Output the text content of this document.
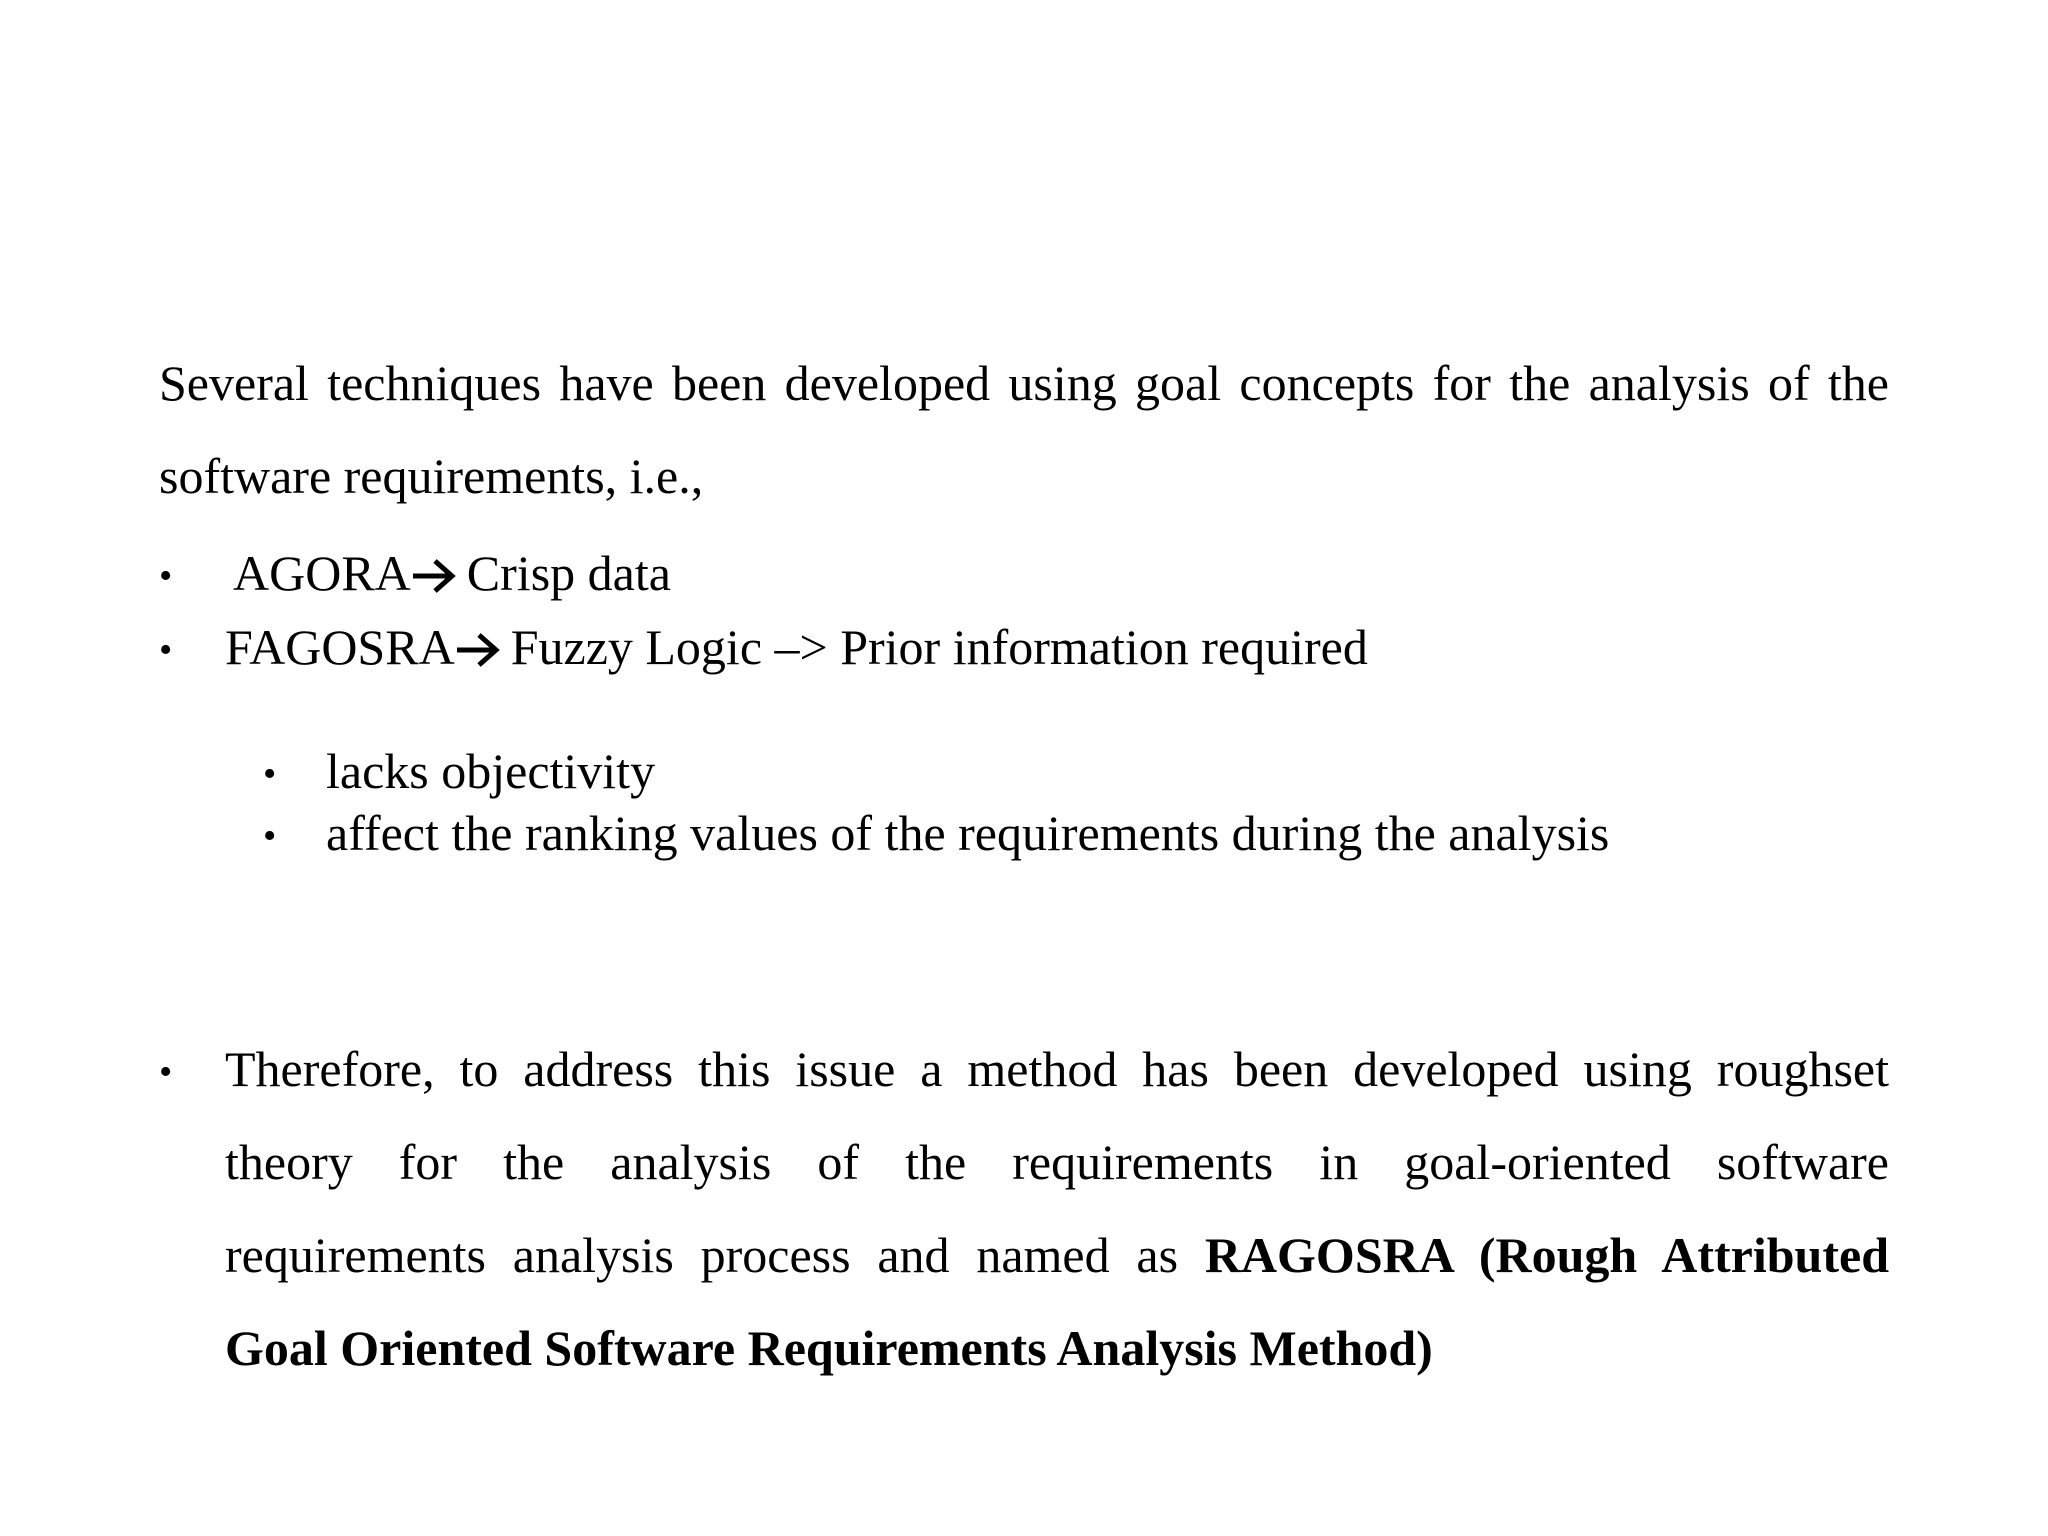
Several techniques have been developed using goal concepts for the analysis of the
software requirements, i.e.,
• AGORA Crisp data
• FAGOSRA Fuzzy Logic –> Prior information required
• lacks objectivity
• affect the ranking values of the requirements during the analysis
• Therefore, to address this issue a method has been developed using roughset
theory for the analysis of the requirements in goal-oriented software
requirements analysis process and named as RAGOSRA (Rough Attributed
Goal Oriented Software Requirements Analysis Method)
